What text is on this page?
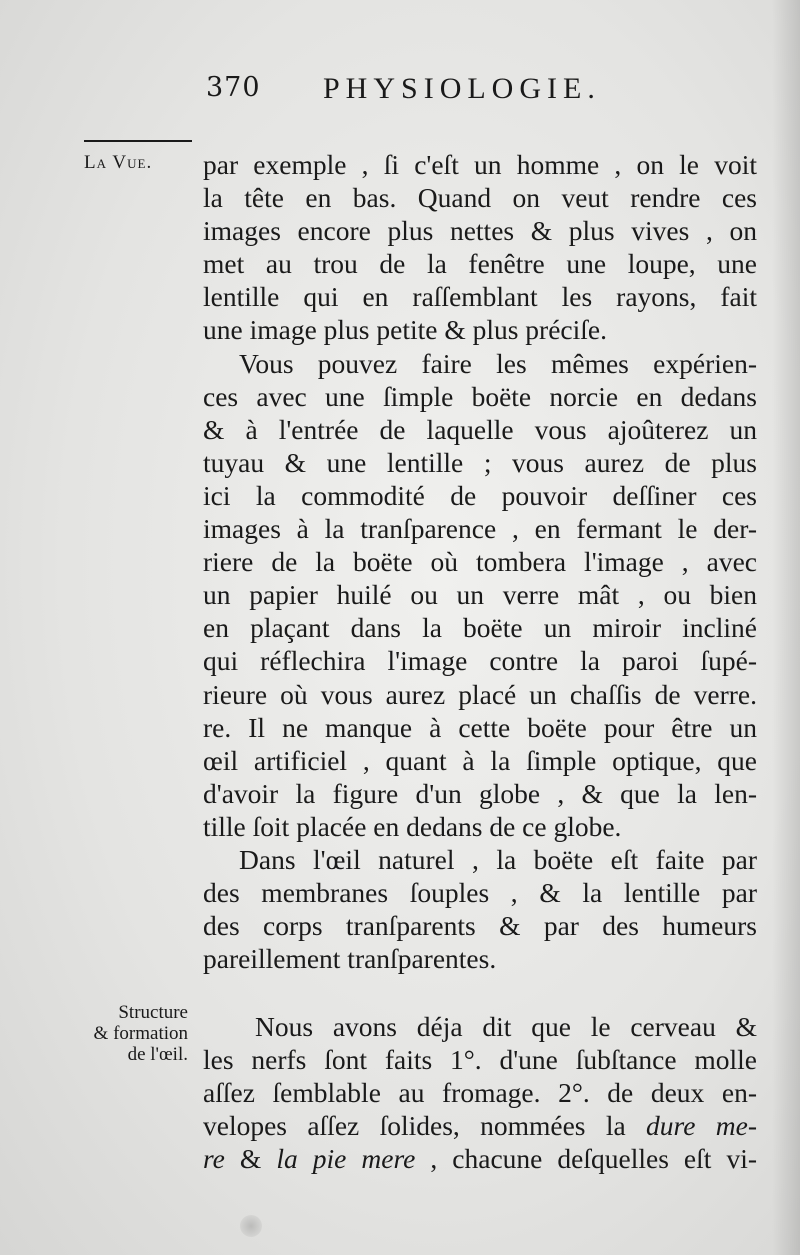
370 PHYSIOLOGIE.
La Vue.
Structure
& formation
de l'œil.
par exemple , ſi c'eſt un homme , on le voit
la tête en bas. Quand on veut rendre ces
images encore plus nettes & plus vives , on
met au trou de la fenêtre une loupe, une
lentille qui en raſſemblant les rayons, fait
une image plus petite & plus préciſe.
Vous pouvez faire les mêmes expérien-
ces avec une ſimple boëte norcie en dedans
& à l'entrée de laquelle vous ajoûterez un
tuyau & une lentille ; vous aurez de plus
ici la commodité de pouvoir deſſiner ces
images à la tranſparence , en fermant le der-
riere de la boëte où tombera l'image , avec
un papier huilé ou un verre mât , ou bien
en plaçant dans la boëte un miroir incliné
qui réflechira l'image contre la paroi ſupé-
rieure où vous aurez placé un chaſſis de verre.
re. Il ne manque à cette boëte pour être un
œil artificiel , quant à la ſimple optique, que
d'avoir la figure d'un globe , & que la len-
tille ſoit placée en dedans de ce globe.
Dans l'œil naturel , la boëte eſt faite par
des membranes ſouples , & la lentille par
des corps tranſparents & par des humeurs
pareillement tranſparentes.
Nous avons déja dit que le cerveau &
les nerfs ſont faits 1°. d'une ſubſtance molle
aſſez ſemblable au fromage. 2°. de deux en-
velopes aſſez ſolides, nommées la dure me-
re & la pie mere , chacune deſquelles eſt vi-
